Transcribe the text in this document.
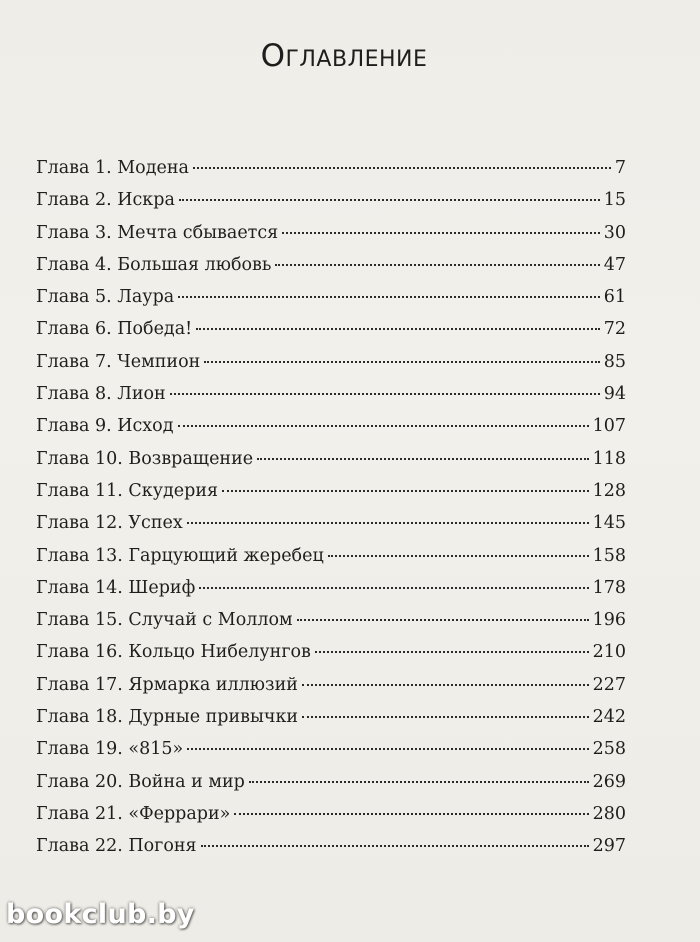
Оглавление
Глава 1. Модена	7
Глава 2. Искра	15
Глава 3. Мечта сбывается	30
Глава 4. Большая любовь	47
Глава 5. Лаура	61
Глава 6. Победа!	72
Глава 7. Чемпион	85
Глава 8. Лион	94
Глава 9. Исход	107
Глава 10. Возвращение	118
Глава 11. Скудерия	128
Глава 12. Успех	145
Глава 13. Гарцующий жеребец	158
Глава 14. Шериф	178
Глава 15. Случай с Моллом	196
Глава 16. Кольцо Нибелунгов	210
Глава 17. Ярмарка иллюзий	227
Глава 18. Дурные привычки	242
Глава 19. «815»	258
Глава 20. Война и мир	269
Глава 21. «Феррари»	280
Глава 22. Погоня	297
bookclub.by
